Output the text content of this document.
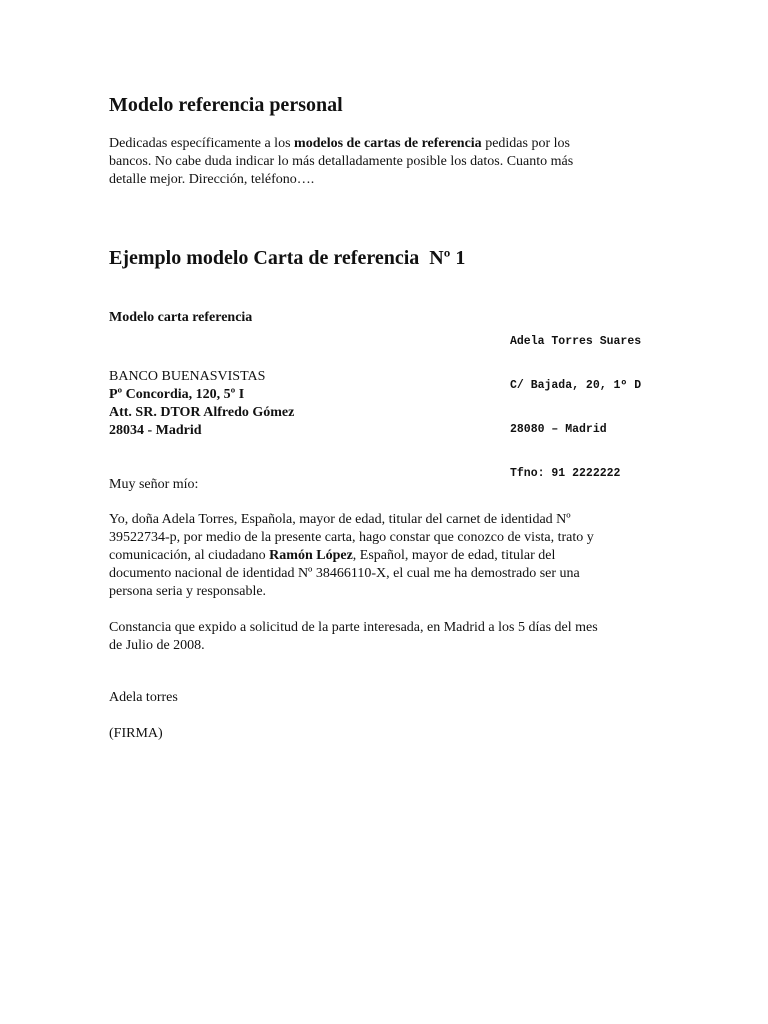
Modelo referencia personal
Dedicadas específicamente a los modelos de cartas de referencia pedidas por los
bancos. No cabe duda indicar lo más detalladamente posible los datos. Cuanto más
detalle mejor. Dirección, teléfono….
Ejemplo modelo Carta de referencia  Nº 1
Modelo carta referencia

Adela Torres Suares

C/ Bajada, 20, 1º D

28080 – Madrid

Tfno: 91 2222222

BANCO BUENASVISTAS
Pº Concordia, 120, 5º I
Att. SR. DTOR Alfredo Gómez
28034 - Madrid
Muy señor mío:
Yo, doña Adela Torres, Española, mayor de edad, titular del carnet de identidad Nº
39522734-p, por medio de la presente carta, hago constar que conozco de vista, trato y
comunicación, al ciudadano Ramón López, Español, mayor de edad, titular del
documento nacional de identidad Nº 38466110-X, el cual me ha demostrado ser una
persona seria y responsable.
Constancia que expido a solicitud de la parte interesada, en Madrid a los 5 días del mes
de Julio de 2008.
Adela torres
(FIRMA)
